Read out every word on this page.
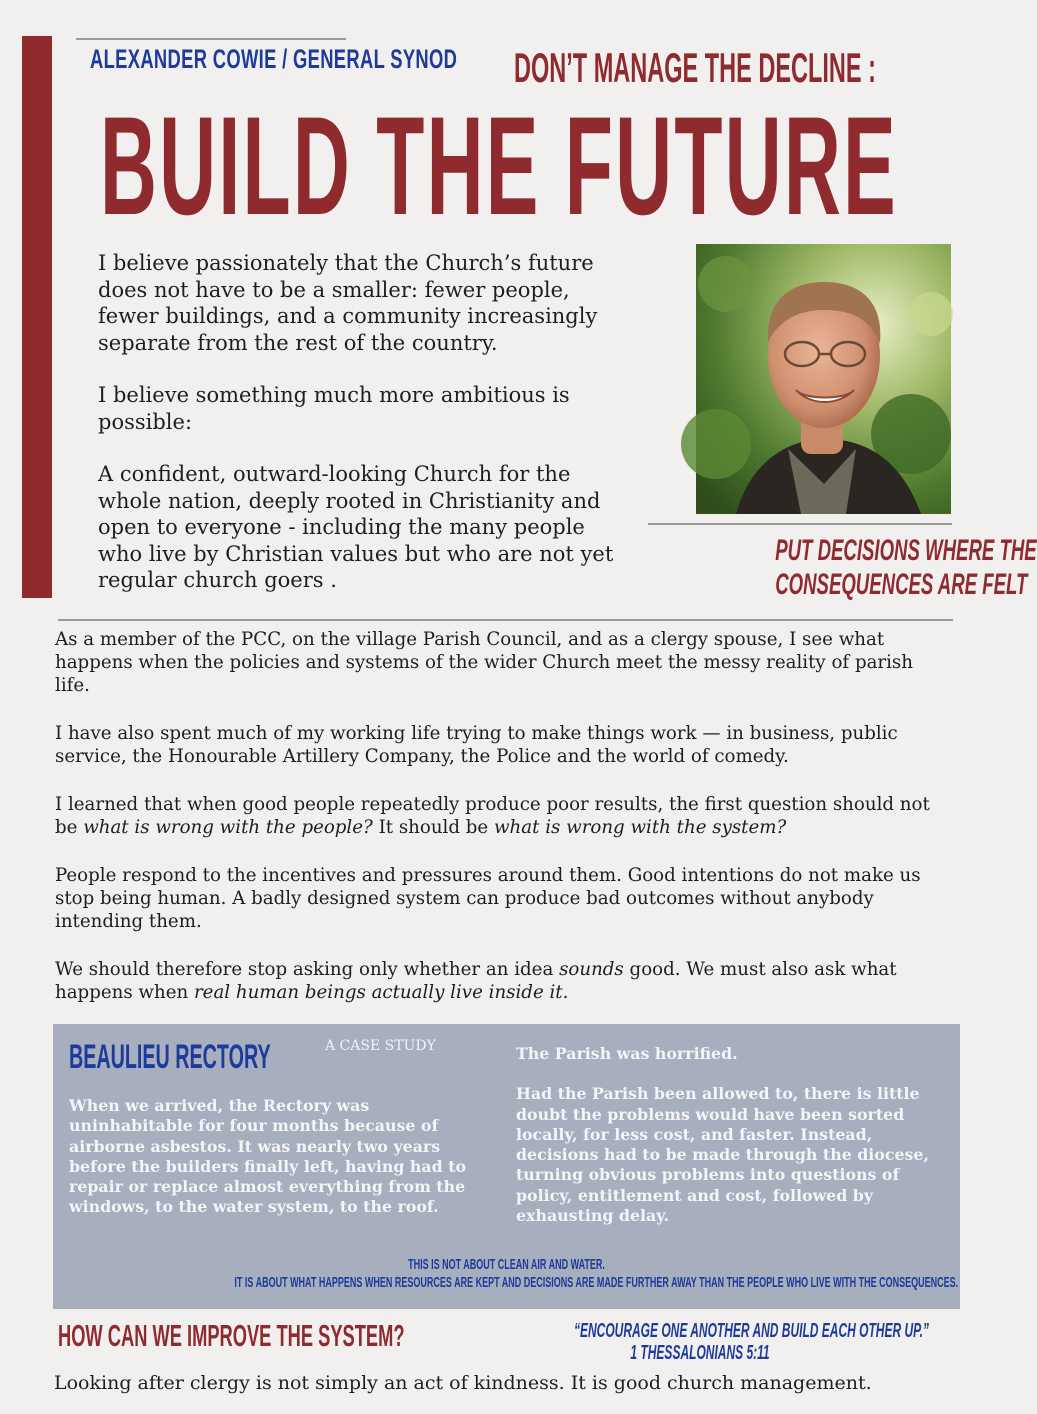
ALEXANDER COWIE / GENERAL SYNOD DON’T MANAGE THE DECLINE :
BUILD THE FUTURE

I believe passionately that the Church’s future does not have to be a smaller: fewer people, fewer buildings, and a community increasingly separate from the rest of the country.

I believe something much more ambitious is possible:

A confident, outward-looking Church for the whole nation, deeply rooted in Christianity and open to everyone - including the many people who live by Christian values but who are not yet regular church goers .

PUT DECISIONS WHERE THE
CONSEQUENCES ARE FELT

As a member of the PCC, on the village Parish Council, and as a clergy spouse, I see what happens when the policies and systems of the wider Church meet the messy reality of parish life.

I have also spent much of my working life trying to make things work — in business, public service, the Honourable Artillery Company, the Police and the world of comedy.

I learned that when good people repeatedly produce poor results, the first question should not be what is wrong with the people? It should be what is wrong with the system?

People respond to the incentives and pressures around them. Good intentions do not make us stop being human. A badly designed system can produce bad outcomes without anybody intending them.

We should therefore stop asking only whether an idea sounds good. We must also ask what happens when real human beings actually live inside it.

BEAULIEU RECTORY	A CASE STUDY
When we arrived, the Rectory was uninhabitable for four months because of airborne asbestos. It was nearly two years before the builders finally left, having had to repair or replace almost everything from the windows, to the water system, to the roof.

The Parish was horrified.

Had the Parish been allowed to, there is little doubt the problems would have been sorted locally, for less cost, and faster. Instead, decisions had to be made through the diocese, turning obvious problems into questions of policy, entitlement and cost, followed by exhausting delay.

THIS IS NOT ABOUT CLEAN AIR AND WATER.
IT IS ABOUT WHAT HAPPENS WHEN RESOURCES ARE KEPT AND DECISIONS ARE MADE FURTHER AWAY THAN THE PEOPLE WHO LIVE WITH THE CONSEQUENCES.
HOW CAN WE IMPROVE THE SYSTEM?	“ENCOURAGE ONE ANOTHER AND BUILD EACH OTHER UP.”
1 THESSALONIANS 5:11
Looking after clergy is not simply an act of kindness. It is good church management.
